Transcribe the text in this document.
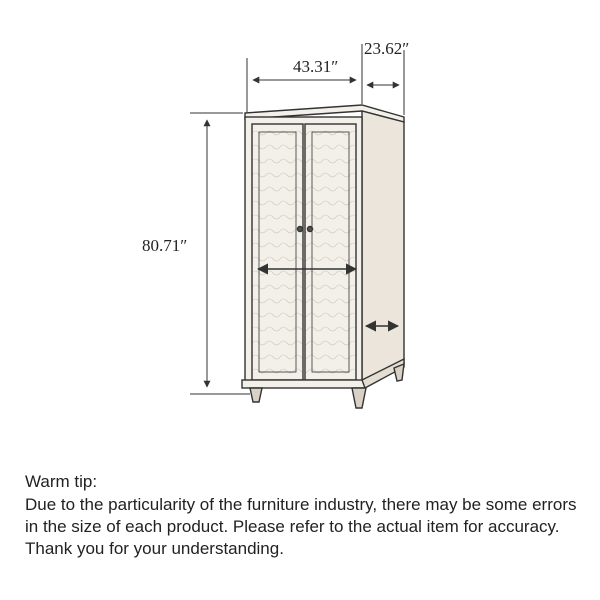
43.31″
23.62″
80.71″
Warm tip:
Due to the particularity of the furniture industry, there may be some errors in the size of each product. Please refer to the actual item for accuracy. Thank you for your understanding.
